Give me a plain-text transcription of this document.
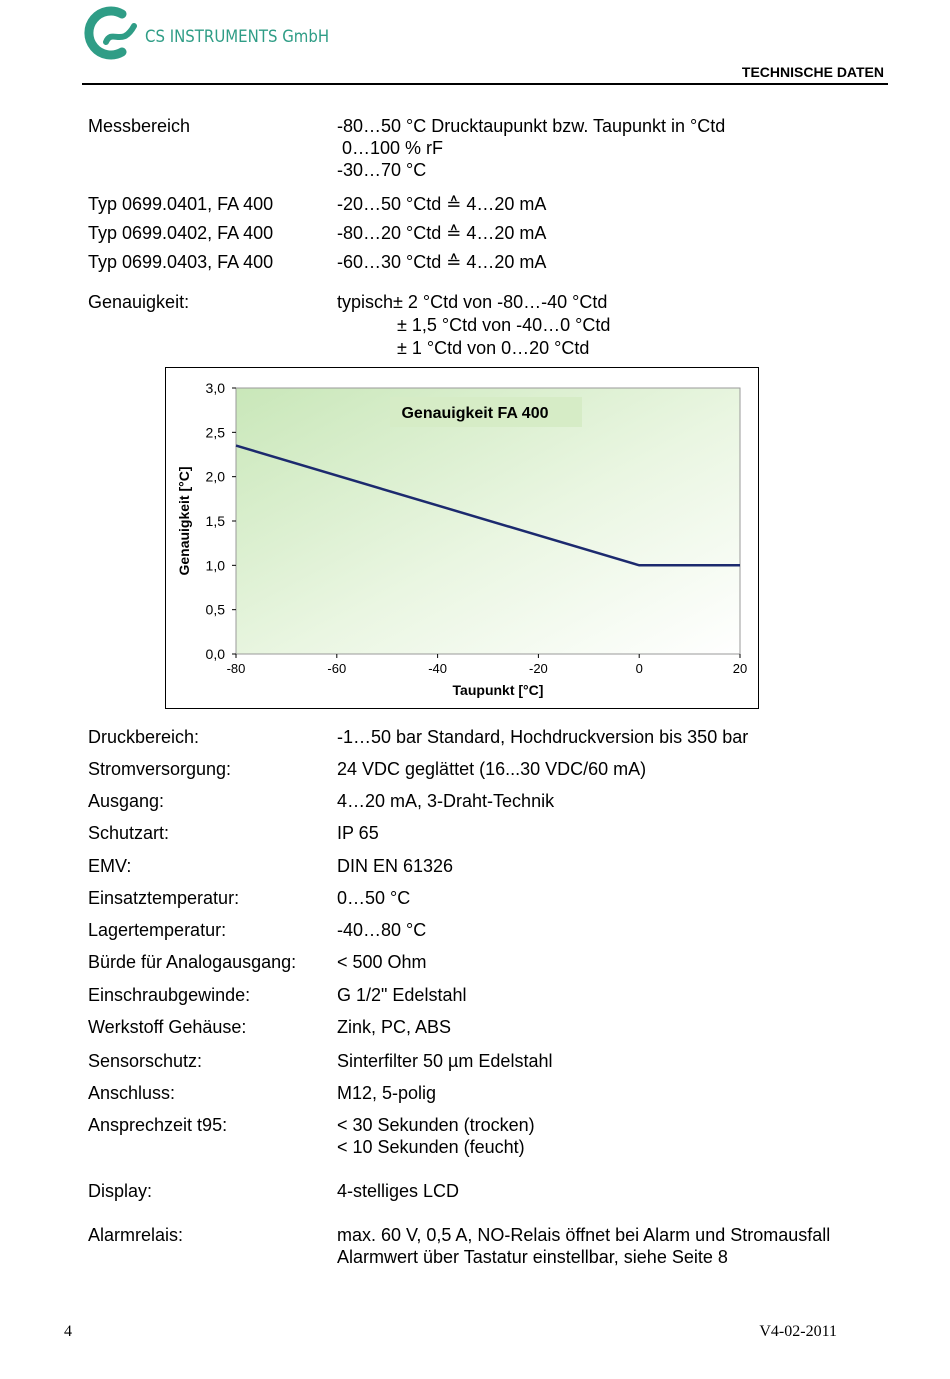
CS INSTRUMENTS GmbH
TECHNISCHE DATEN
Messbereich	-80…50 °C Drucktaupunkt bzw. Taupunkt in °Ctd
0…100 % rF
-30…70 °C
Typ 0699.0401, FA 400	-20…50 °Ctd ≙ 4…20 mA
Typ 0699.0402, FA 400	-80…20 °Ctd ≙ 4…20 mA
Typ 0699.0403, FA 400	-60…30 °Ctd ≙ 4…20 mA
Genauigkeit:	typisch± 2 °Ctd von -80…-40 °Ctd
± 1,5 °Ctd von -40…0 °Ctd
± 1 °Ctd von 0…20 °Ctd
3,0
2,5
2,0
1,5
1,0
0,5
0,0
-80	-60	-40	-20	0	20
Genauigkeit FA 400
Taupunkt [°C]
Genauigkeit [°C]
Druckbereich:	-1…50 bar Standard, Hochdruckversion bis 350 bar
Stromversorgung:	24 VDC geglättet (16...30 VDC/60 mA)
Ausgang:	4…20 mA, 3-Draht-Technik
Schutzart:	IP 65
EMV:	DIN EN 61326
Einsatztemperatur:	0…50 °C
Lagertemperatur:	-40…80 °C
Bürde für Analogausgang: < 500 Ohm
Einschraubgewinde:	G 1/2" Edelstahl
Werkstoff Gehäuse:	Zink, PC, ABS
Sensorschutz:	Sinterfilter 50 µm Edelstahl
Anschluss:	M12, 5-polig
Ansprechzeit t95:	< 30 Sekunden (trocken)
< 10 Sekunden (feucht)
Display:	4-stelliges LCD
Alarmrelais:	max. 60 V, 0,5 A, NO-Relais öffnet bei Alarm und Stromausfall
Alarmwert über Tastatur einstellbar, siehe Seite 8
4	V4-02-2011
